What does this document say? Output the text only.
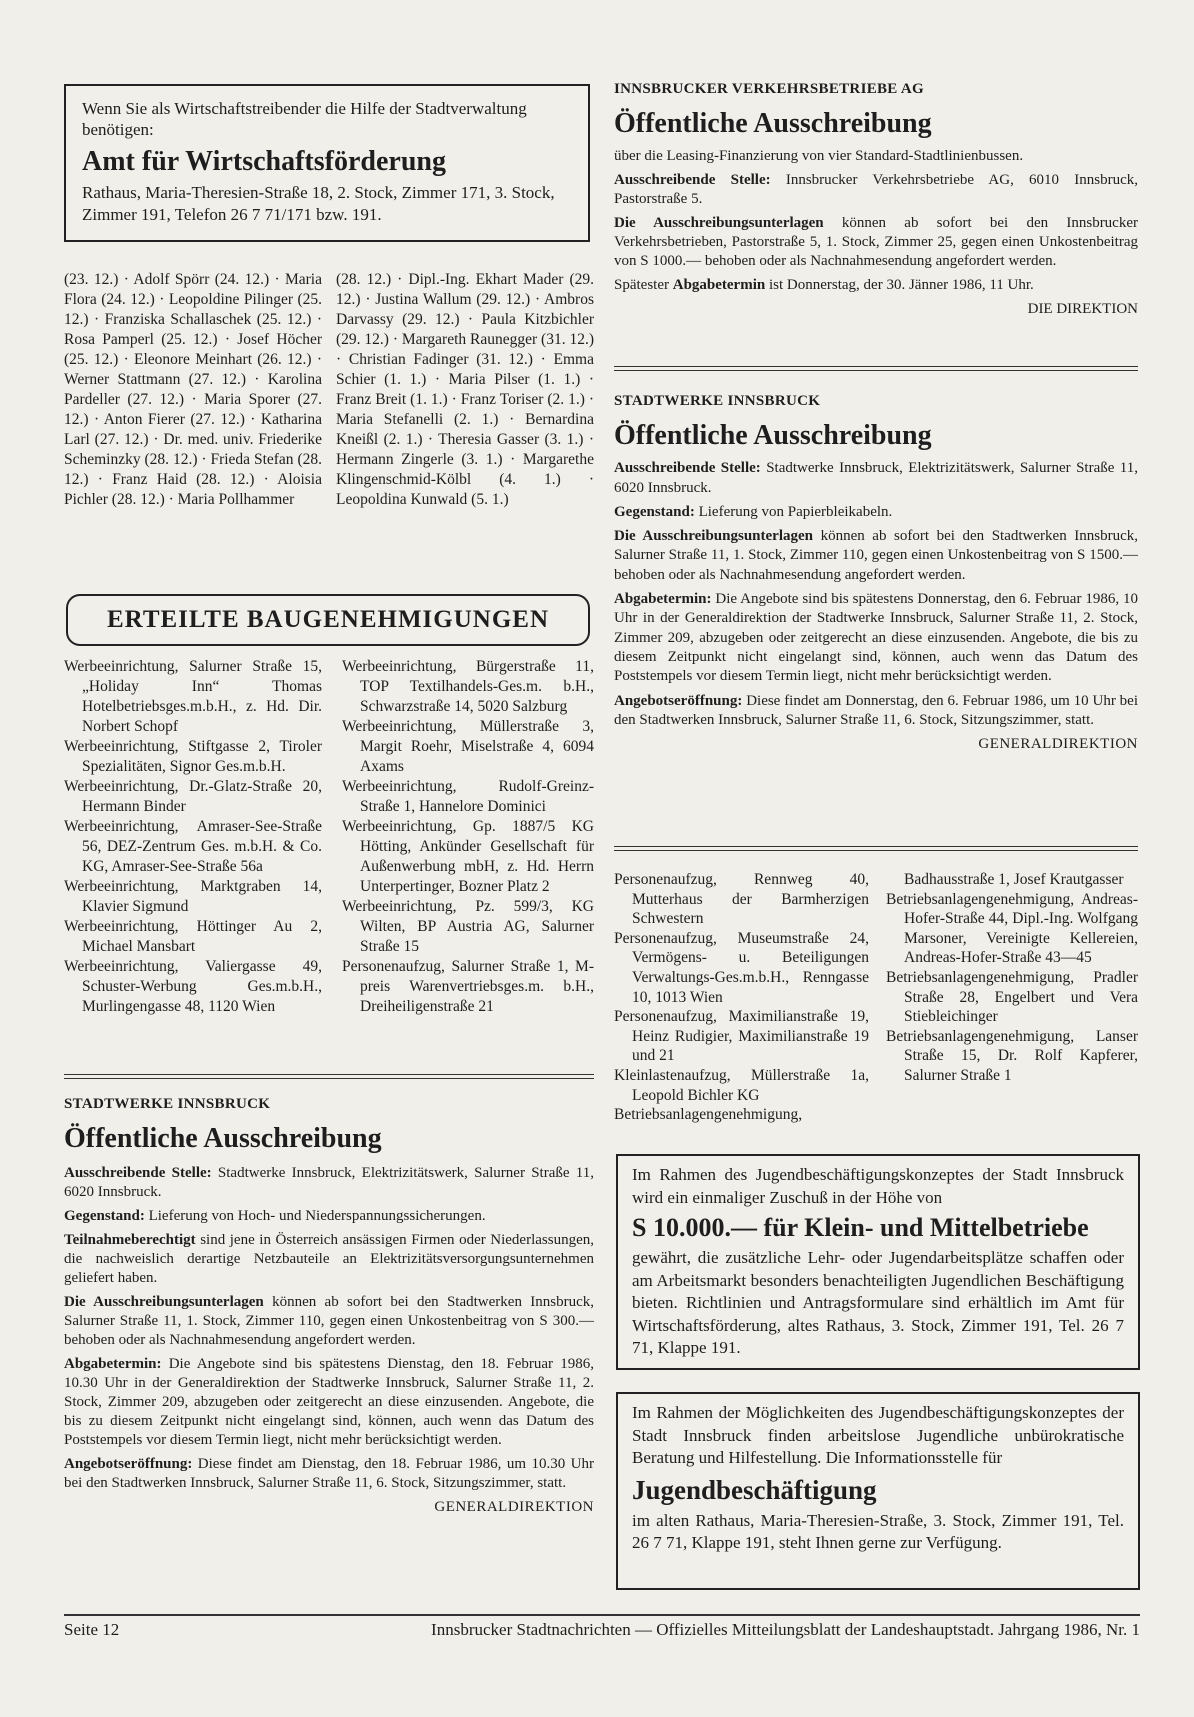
Wenn Sie als Wirtschaftstreibender die Hilfe der Stadtverwaltung benötigen:
Amt für Wirtschaftsförderung
Rathaus, Maria-Theresien-Straße 18, 2. Stock, Zimmer 171, 3. Stock, Zimmer 191, Telefon 26 7 71/171 bzw. 191.
(23. 12.) · Adolf Spörr (24. 12.) · Maria Flora (24. 12.) · Leopoldine Pilinger (25. 12.) · Franziska Schallaschek (25. 12.) · Rosa Pamperl (25. 12.) · Josef Höcher (25. 12.) · Eleonore Meinhart (26. 12.) · Werner Stattmann (27. 12.) · Karolina Pardeller (27. 12.) · Maria Sporer (27. 12.) · Anton Fierer (27. 12.) · Katharina Larl (27. 12.) · Dr. med. univ. Friederike Scheminzky (28. 12.) · Frieda Stefan (28. 12.) · Franz Haid (28. 12.) · Aloisia Pichler (28. 12.) · Maria Pollhammer
(28. 12.) · Dipl.-Ing. Ekhart Mader (29. 12.) · Justina Wallum (29. 12.) · Ambros Darvassy (29. 12.) · Paula Kitzbichler (29. 12.) · Margareth Raunegger (31. 12.) · Christian Fadinger (31. 12.) · Emma Schier (1. 1.) · Maria Pilser (1. 1.) · Franz Breit (1. 1.) · Franz Toriser (2. 1.) · Maria Stefanelli (2. 1.) · Bernardina Kneißl (2. 1.) · Theresia Gasser (3. 1.) · Hermann Zingerle (3. 1.) · Margarethe Klingenschmid-Kölbl (4. 1.) · Leopoldina Kunwald (5. 1.)
ERTEILTE BAUGENEHMIGUNGEN

Werbeeinrichtung, Salurner Straße 15, „Holiday Inn“ Thomas Hotelbetriebsges.m.b.H., z. Hd. Dir. Norbert Schopf

Werbeeinrichtung, Stiftgasse 2, Tiroler Spezialitäten, Signor Ges.m.b.H.

Werbeeinrichtung, Dr.-Glatz-Straße 20, Hermann Binder

Werbeeinrichtung, Amraser-See-Straße 56, DEZ-Zentrum Ges. m.b.H. & Co. KG, Amraser-See-Straße 56a

Werbeeinrichtung, Marktgraben 14, Klavier Sigmund

Werbeeinrichtung, Höttinger Au 2, Michael Mansbart

Werbeeinrichtung, Valiergasse 49, Schuster-Werbung Ges.m.b.H., Murlingengasse 48, 1120 Wien

Werbeeinrichtung, Bürgerstraße 11, TOP Textilhandels-Ges.m. b.H., Schwarzstraße 14, 5020 Salzburg

Werbeeinrichtung, Müllerstraße 3, Margit Roehr, Miselstraße 4, 6094 Axams

Werbeeinrichtung, Rudolf-Greinz-Straße 1, Hannelore Dominici

Werbeeinrichtung, Gp. 1887/5 KG Hötting, Ankünder Gesellschaft für Außenwerbung mbH, z. Hd. Herrn Unterpertinger, Bozner Platz 2

Werbeeinrichtung, Pz. 599/3, KG Wilten, BP Austria AG, Salurner Straße 15

Personenaufzug, Salurner Straße 1, M-preis Warenvertriebsges.m. b.H., Dreiheiligenstraße 21

STADTWERKE INNSBRUCK
Öffentliche Ausschreibung

Ausschreibende Stelle: Stadtwerke Innsbruck, Elektrizitätswerk, Salurner Straße 11, 6020 Innsbruck.

Gegenstand: Lieferung von Hoch- und Niederspannungssicherungen.

Teilnahmeberechtigt sind jene in Österreich ansässigen Firmen oder Niederlassungen, die nachweislich derartige Netzbauteile an Elektrizitätsversorgungsunternehmen geliefert haben.

Die Ausschreibungsunterlagen können ab sofort bei den Stadtwerken Innsbruck, Salurner Straße 11, 1. Stock, Zimmer 110, gegen einen Unkostenbeitrag von S 300.— behoben oder als Nachnahmesendung angefordert werden.

Abgabetermin: Die Angebote sind bis spätestens Dienstag, den 18. Februar 1986, 10.30 Uhr in der Generaldirektion der Stadtwerke Innsbruck, Salurner Straße 11, 2. Stock, Zimmer 209, abzugeben oder zeitgerecht an diese einzusenden. Angebote, die bis zu diesem Zeitpunkt nicht eingelangt sind, können, auch wenn das Datum des Poststempels vor diesem Termin liegt, nicht mehr berücksichtigt werden.

Angebotseröffnung: Diese findet am Dienstag, den 18. Februar 1986, um 10.30 Uhr bei den Stadtwerken Innsbruck, Salurner Straße 11, 6. Stock, Sitzungszimmer, statt.

GENERALDIREKTION
INNSBRUCKER VERKEHRSBETRIEBE AG
Öffentliche Ausschreibung

über die Leasing-Finanzierung von vier Standard-Stadtlinienbussen.

Ausschreibende Stelle: Innsbrucker Verkehrsbetriebe AG, 6010 Innsbruck, Pastorstraße 5.

Die Ausschreibungsunterlagen können ab sofort bei den Innsbrucker Verkehrsbetrieben, Pastorstraße 5, 1. Stock, Zimmer 25, gegen einen Unkostenbeitrag von S 1000.— behoben oder als Nachnahmesendung angefordert werden.

Spätester Abgabetermin ist Donnerstag, der 30. Jänner 1986, 11 Uhr.

DIE DIREKTION
STADTWERKE INNSBRUCK
Öffentliche Ausschreibung

Ausschreibende Stelle: Stadtwerke Innsbruck, Elektrizitätswerk, Salurner Straße 11, 6020 Innsbruck.

Gegenstand: Lieferung von Papierbleikabeln.

Die Ausschreibungsunterlagen können ab sofort bei den Stadtwerken Innsbruck, Salurner Straße 11, 1. Stock, Zimmer 110, gegen einen Unkostenbeitrag von S 1500.— behoben oder als Nachnahmesendung angefordert werden.

Abgabetermin: Die Angebote sind bis spätestens Donnerstag, den 6. Februar 1986, 10 Uhr in der Generaldirektion der Stadtwerke Innsbruck, Salurner Straße 11, 2. Stock, Zimmer 209, abzugeben oder zeitgerecht an diese einzusenden. Angebote, die bis zu diesem Zeitpunkt nicht eingelangt sind, können, auch wenn das Datum des Poststempels vor diesem Termin liegt, nicht mehr berücksichtigt werden.

Angebotseröffnung: Diese findet am Donnerstag, den 6. Februar 1986, um 10 Uhr bei den Stadtwerken Innsbruck, Salurner Straße 11, 6. Stock, Sitzungszimmer, statt.

GENERALDIREKTION

Personenaufzug, Rennweg 40, Mutterhaus der Barmherzigen Schwestern

Personenaufzug, Museumstraße 24, Vermögens- u. Beteiligungen Verwaltungs-Ges.m.b.H., Renngasse 10, 1013 Wien

Personenaufzug, Maximilianstraße 19, Heinz Rudigier, Maximilianstraße 19 und 21

Kleinlastenaufzug, Müllerstraße 1a, Leopold Bichler KG

Betriebsanlagengenehmigung,

Badhausstraße 1, Josef Krautgasser

Betriebsanlagengenehmigung, Andreas-Hofer-Straße 44, Dipl.-Ing. Wolfgang Marsoner, Vereinigte Kellereien, Andreas-Hofer-Straße 43—45

Betriebsanlagengenehmigung, Pradler Straße 28, Engelbert und Vera Stiebleichinger

Betriebsanlagengenehmigung, Lanser Straße 15, Dr. Rolf Kapferer, Salurner Straße 1

Im Rahmen des Jugendbeschäftigungskonzeptes der Stadt Innsbruck wird ein einmaliger Zuschuß in der Höhe von
S 10.000.— für Klein- und Mittelbetriebe
gewährt, die zusätzliche Lehr- oder Jugendarbeitsplätze schaffen oder am Arbeitsmarkt besonders benachteiligten Jugendlichen Beschäftigung bieten. Richtlinien und Antragsformulare sind erhältlich im Amt für Wirtschaftsförderung, altes Rathaus, 3. Stock, Zimmer 191, Tel. 26 7 71, Klappe 191.
Im Rahmen der Möglichkeiten des Jugendbeschäftigungskonzeptes der Stadt Innsbruck finden arbeitslose Jugendliche unbürokratische Beratung und Hilfestellung. Die Informationsstelle für
Jugendbeschäftigung
im alten Rathaus, Maria-Theresien-Straße, 3. Stock, Zimmer 191, Tel. 26 7 71, Klappe 191, steht Ihnen gerne zur Verfügung.
Seite 12	Innsbrucker Stadtnachrichten — Offizielles Mitteilungsblatt der Landeshauptstadt. Jahrgang 1986, Nr. 1
